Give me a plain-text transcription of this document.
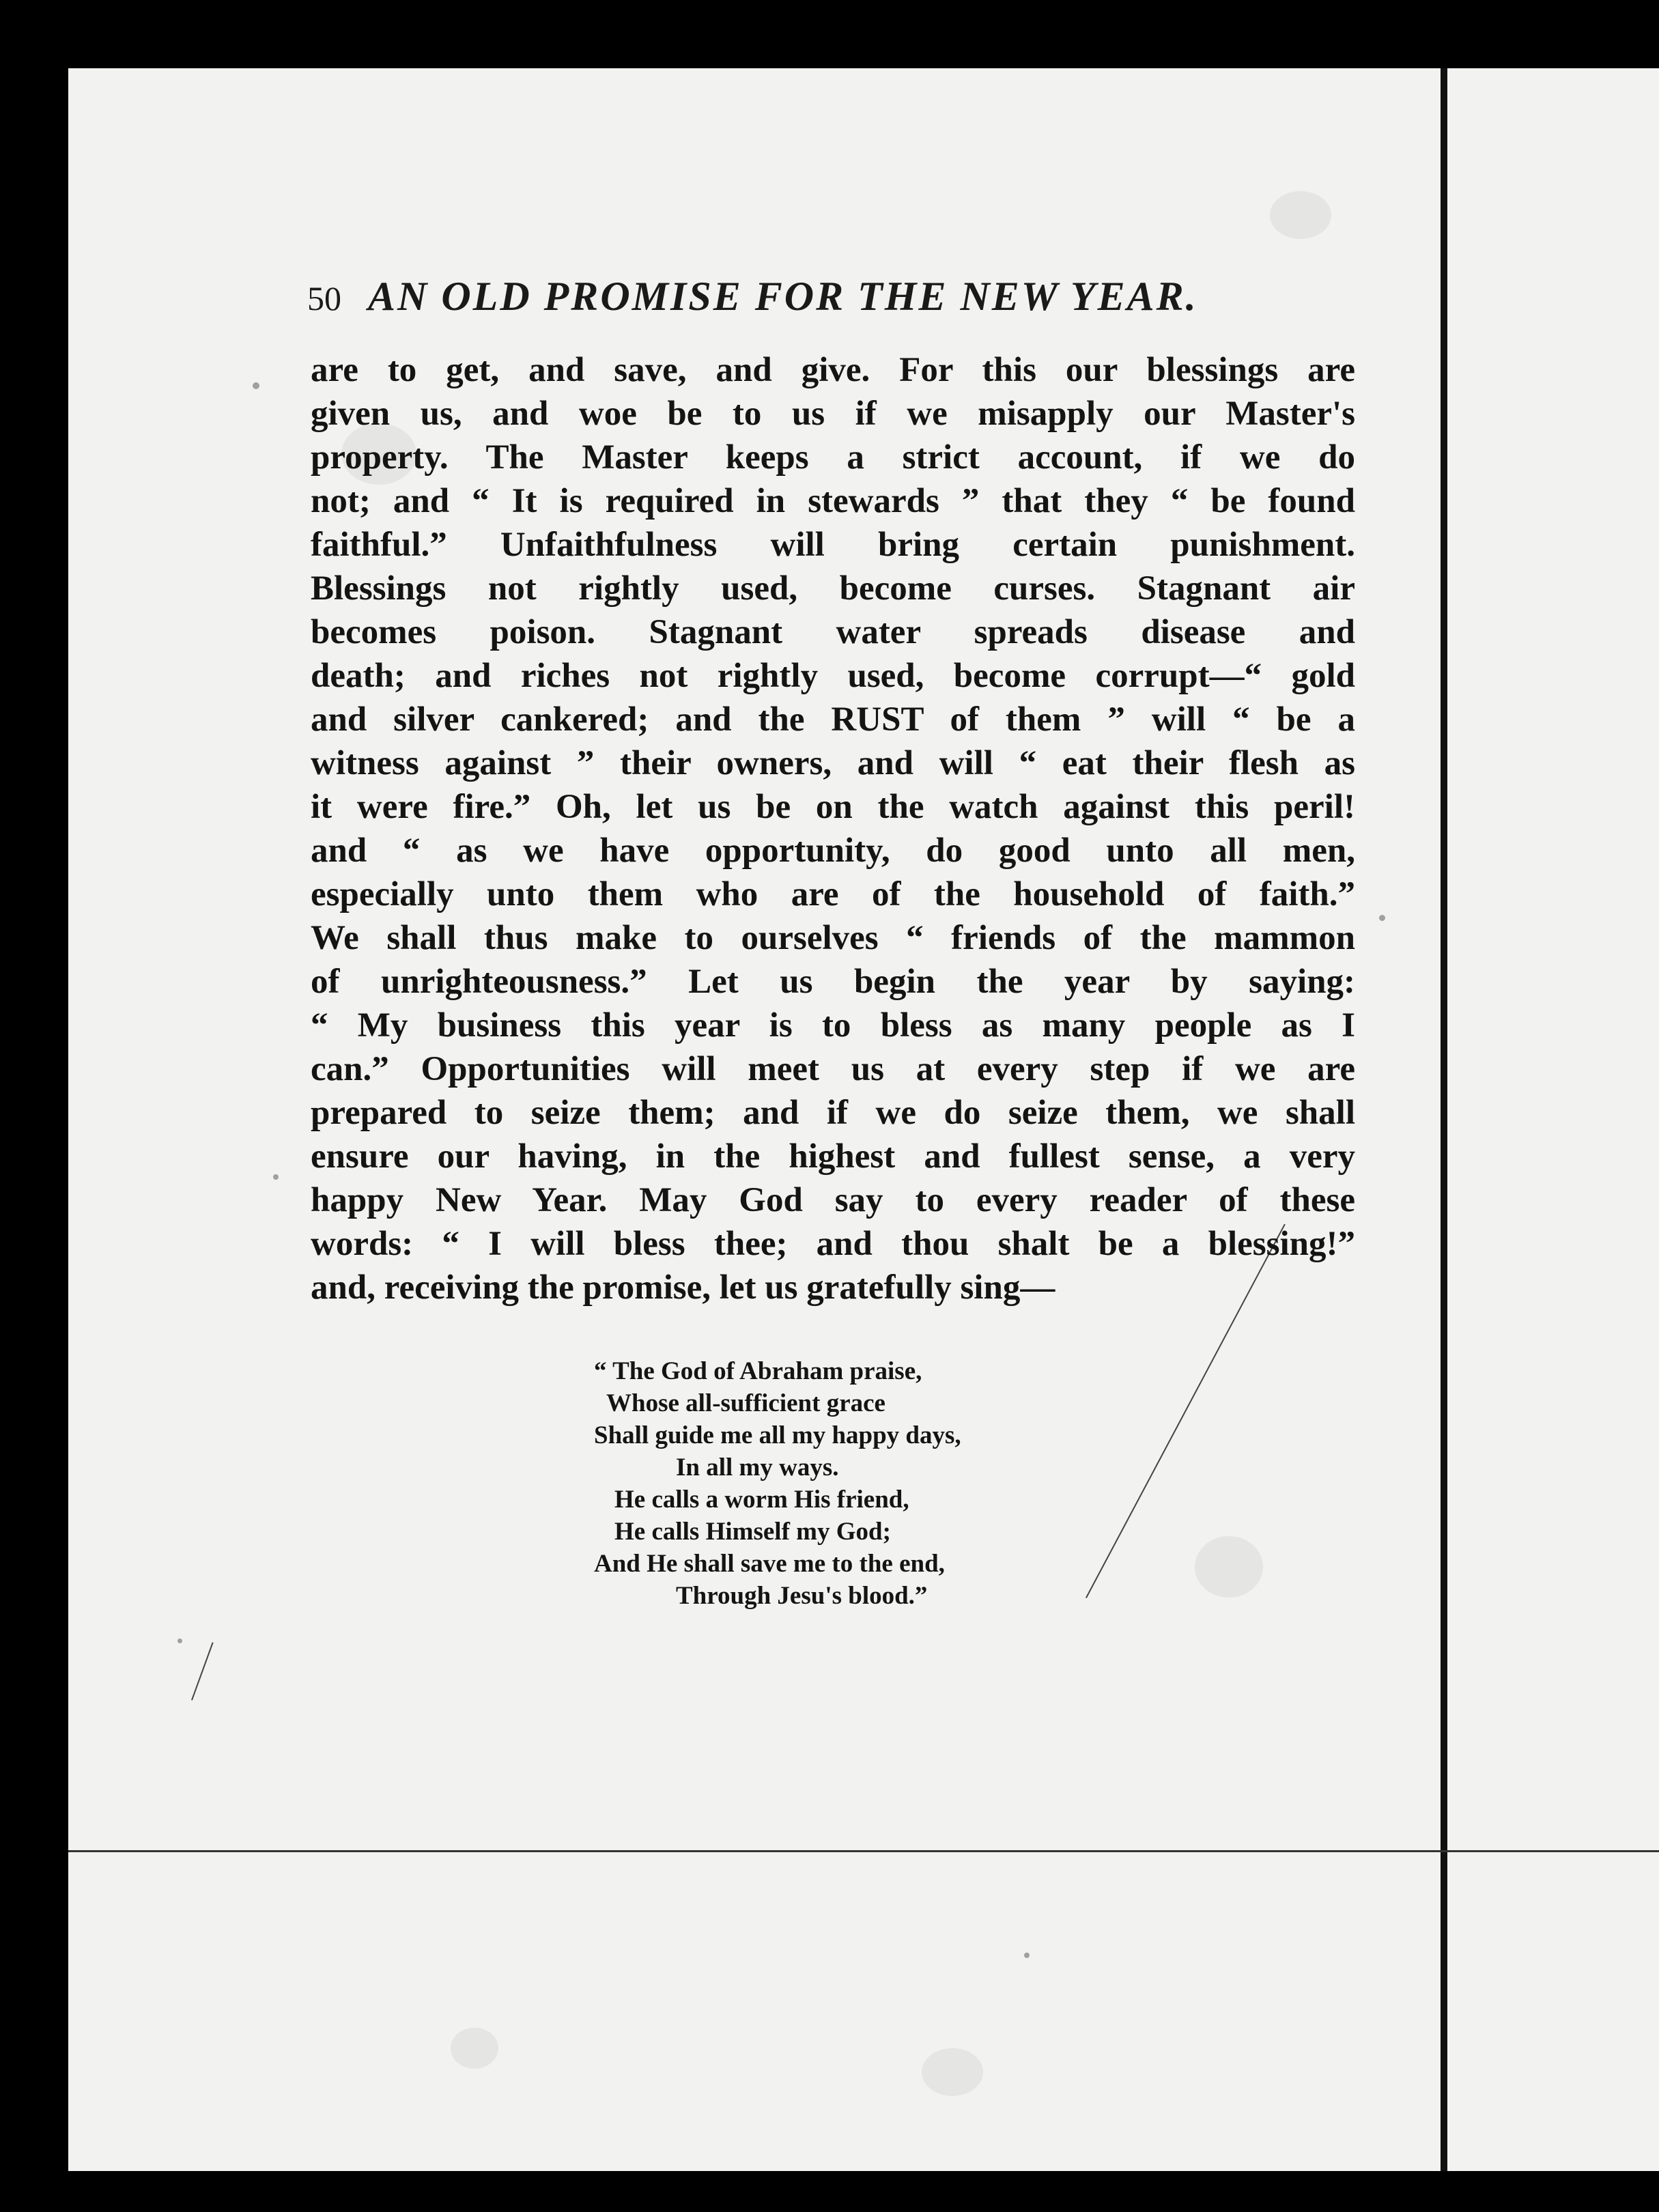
50 AN OLD PROMISE FOR THE NEW YEAR.
are to get, and save, and give. For this our blessings are
given us, and woe be to us if we misapply our Master's
property. The Master keeps a strict account, if we do
not; and “ It is required in stewards ” that they “ be found
faithful.” Unfaithfulness will bring certain punishment.
Blessings not rightly used, become curses. Stagnant air
becomes poison. Stagnant water spreads disease and
death; and riches not rightly used, become corrupt—“ gold
and silver cankered; and the RUST of them ” will “ be a
witness against ” their owners, and will “ eat their flesh as
it were fire.” Oh, let us be on the watch against this peril!
and “ as we have opportunity, do good unto all men,
especially unto them who are of the household of faith.”
We shall thus make to ourselves “ friends of the mammon
of unrighteousness.” Let us begin the year by saying:
“ My business this year is to bless as many people as I
can.” Opportunities will meet us at every step if we are
prepared to seize them; and if we do seize them, we shall
ensure our having, in the highest and fullest sense, a very
happy New Year. May God say to every reader of these
words: “ I will bless thee; and thou shalt be a blessing!”
and, receiving the promise, let us gratefully sing—
“ The God of Abraham praise,
Whose all-sufficient grace
Shall guide me all my happy days,
In all my ways.
He calls a worm His friend,
He calls Himself my God;
And He shall save me to the end,
Through Jesu's blood.”
